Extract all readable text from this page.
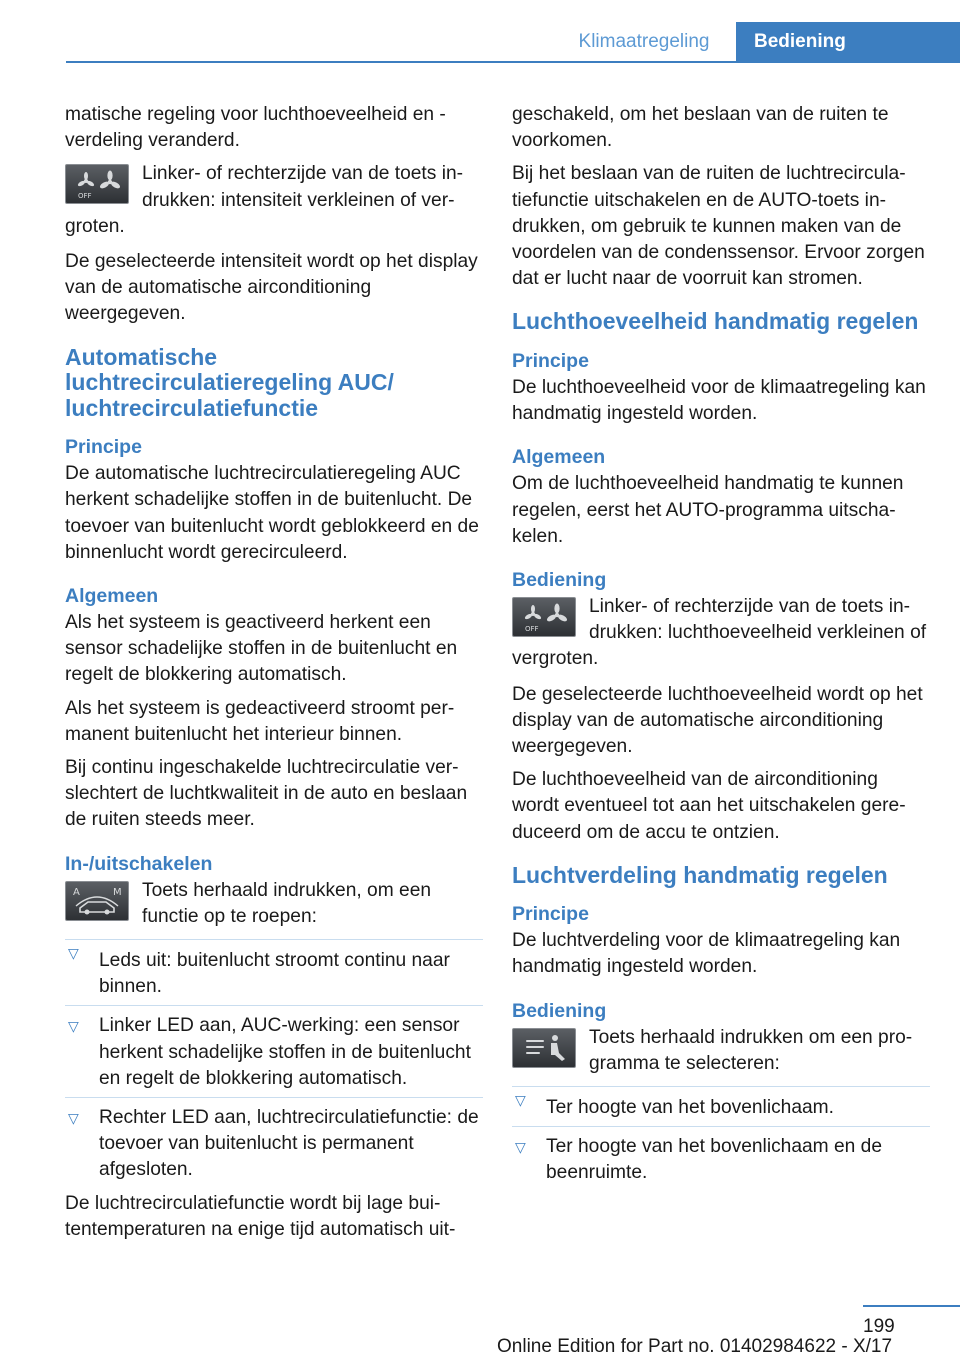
Klimaatregeling	Bediening

matische regeling voor luchthoeveelheid en -verdeling veranderd.

OFF
Linker- of rechterzijde van de toets indrukken: intensiteit verkleinen of vergroten.

De geselecteerde intensiteit wordt op het display van de automatische airconditioning weergegeven.

Automatische luchtrecirculatieregeling AUC/ luchtrecirculatiefunctie
Principe

De automatische luchtrecirculatieregeling AUC herkent schadelijke stoffen in de buitenlucht. De toevoer van buitenlucht wordt geblokkeerd en de binnenlucht wordt gerecirculeerd.

Algemeen

Als het systeem is geactiveerd herkent een sensor schadelijke stoffen in de buitenlucht en regelt de blokkering automatisch.

Als het systeem is gedeactiveerd stroomt permanent buitenlucht het interieur binnen.

Bij continu ingeschakelde luchtrecirculatie verslechtert de luchtkwaliteit in de auto en beslaan de ruiten steeds meer.

In-/uitschakelen
A	M Toets herhaald indrukken, om een functie op te roepen:
▽ Leds uit: buitenlucht stroomt continu naar binnen.
▽ Linker LED aan, AUC-werking: een sensor herkent schadelijke stoffen in de buitenlucht en regelt de blokkering automatisch.
▽ Rechter LED aan, luchtrecirculatiefunctie: de toevoer van buitenlucht is permanent afgesloten.

De luchtrecirculatiefunctie wordt bij lage buitentemperaturen na enige tijd automatisch uit-

geschakeld, om het beslaan van de ruiten te voorkomen.

Bij het beslaan van de ruiten de luchtrecirculatiefunctie uitschakelen en de AUTO-toets indrukken, om gebruik te kunnen maken van de voordelen van de condenssensor. Ervoor zorgen dat er lucht naar de voorruit kan stromen.

Luchthoeveelheid handmatig regelen
Principe

De luchthoeveelheid voor de klimaatregeling kan handmatig ingesteld worden.

Algemeen

Om de luchthoeveelheid handmatig te kunnen regelen, eerst het AUTO-programma uitschakelen.

Bediening
OFF
Linker- of rechterzijde van de toets indrukken: luchthoeveelheid verkleinen of vergroten.

De geselecteerde luchthoeveelheid wordt op het display van de automatische airconditioning weergegeven.

De luchthoeveelheid van de airconditioning wordt eventueel tot aan het uitschakelen gereduceerd om de accu te ontzien.

Luchtverdeling handmatig regelen
Principe

De luchtverdeling voor de klimaatregeling kan handmatig ingesteld worden.

Bediening
Toets herhaald indrukken om een programma te selecteren:
▽ Ter hoogte van het bovenlichaam.
▽ Ter hoogte van het bovenlichaam en de beenruimte.
199
Online Edition for Part no. 01402984622 - X/17
